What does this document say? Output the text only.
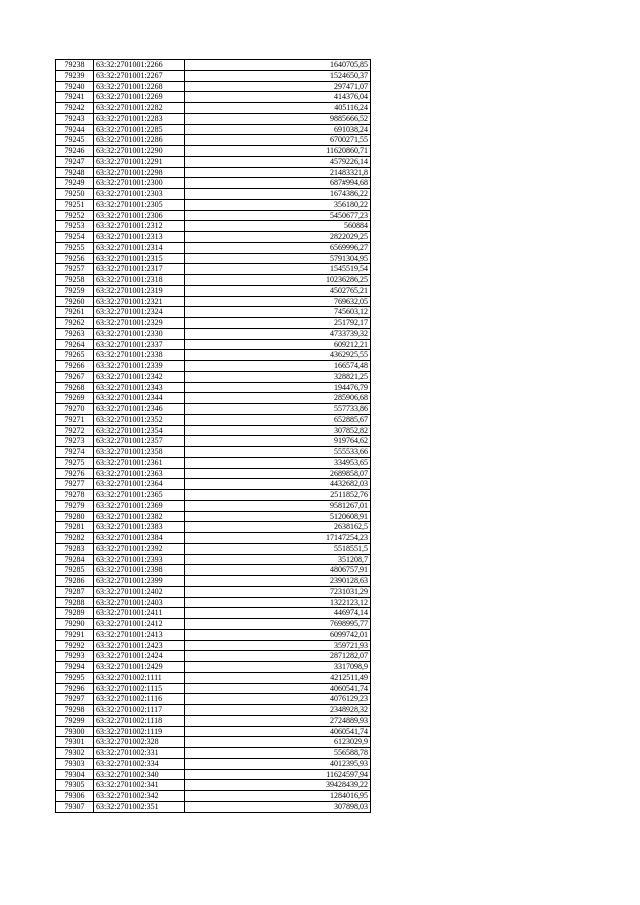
79238	63:32:2701001:2266	1640705,85
79239	63:32:2701001:2267	1524650,37
79240	63:32:2701001:2268	297471,07
79241	63:32:2701001:2269	414376,04
79242	63:32:2701001:2282	405116,24
79243	63:32:2701001:2283	9885666,52
79244	63:32:2701001:2285	691038,24
79245	63:32:2701001:2286	6700271,55
79246	63:32:2701001:2290	11620860,71
79247	63:32:2701001:2291	4579226,14
79248	63:32:2701001:2298	21483321,8
79249	63:32:2701001:2300	687#994,68
79250	63:32:2701001:2303	1674386,22
79251	63:32:2701001:2305	356180,22
79252	63:32:2701001:2306	5450677,23
79253	63:32:2701001:2312	560884
79254	63:32:2701001:2313	2822029,25
79255	63:32:2701001:2314	6569996,27
79256	63:32:2701001:2315	5791304,95
79257	63:32:2701001:2317	1545519,54
79258	63:32:2701001:2318	10236286,25
79259	63:32:2701001:2319	4502765,21
79260	63:32:2701001:2321	769632,05
79261	63:32:2701001:2324	745603,12
79262	63:32:2701001:2329	251792,17
79263	63:32:2701001:2330	4733739,32
79264	63:32:2701001:2337	609212,21
79265	63:32:2701001:2338	4362925,55
79266	63:32:2701001:2339	166574,48
79267	63:32:2701001:2342	328821,25
79268	63:32:2701001:2343	194476,79
79269	63:32:2701001:2344	285906,68
79270	63:32:2701001:2346	557733,86
79271	63:32:2701001:2352	652885,67
79272	63:32:2701001:2354	307852,82
79273	63:32:2701001:2357	919764,62
79274	63:32:2701001:2358	555533,66
79275	63:32:2701001:2361	334953,65
79276	63:32:2701001:2363	2689858,07
79277	63:32:2701001:2364	4432682,03
79278	63:32:2701001:2365	2511852,76
79279	63:32:2701001:2369	9581267,01
79280	63:32:2701001:2382	5120608,91
79281	63:32:2701001:2383	2638162,5
79282	63:32:2701001:2384	17147254,23
79283	63:32:2701001:2392	5518551,5
79284	63:32:2701001:2393	351208,7
79285	63:32:2701001:2398	4806757,91
79286	63:32:2701001:2399	2390128,63
79287	63:32:2701001:2402	7231031,29
79288	63:32:2701001:2403	1322123,12
79289	63:32:2701001:2411	446974,14
79290	63:32:2701001:2412	7698995,77
79291	63:32:2701001:2413	6099742,01
79292	63:32:2701001:2423	359721,93
79293	63:32:2701001:2424	2871282,07
79294	63:32:2701001:2429	3317098,9
79295	63:32:2701002:1111	4212511,49
79296	63:32:2701002:1115	4060541,74
79297	63:32:2701002:1116	4076129,23
79298	63:32:2701002:1117	2348928,32
79299	63:32:2701002:1118	2724889,93
79300	63:32:2701002:1119	4060541,74
79301	63:32:2701002:328	6123029,9
79302	63:32:2701002:331	556588,78
79303	63:32:2701002:334	4012395,93
79304	63:32:2701002:340	11624597,94
79305	63:32:2701002:341	39428439,22
79306	63:32:2701002:342	1284016,95
79307	63:32:2701002:351	307898,03
